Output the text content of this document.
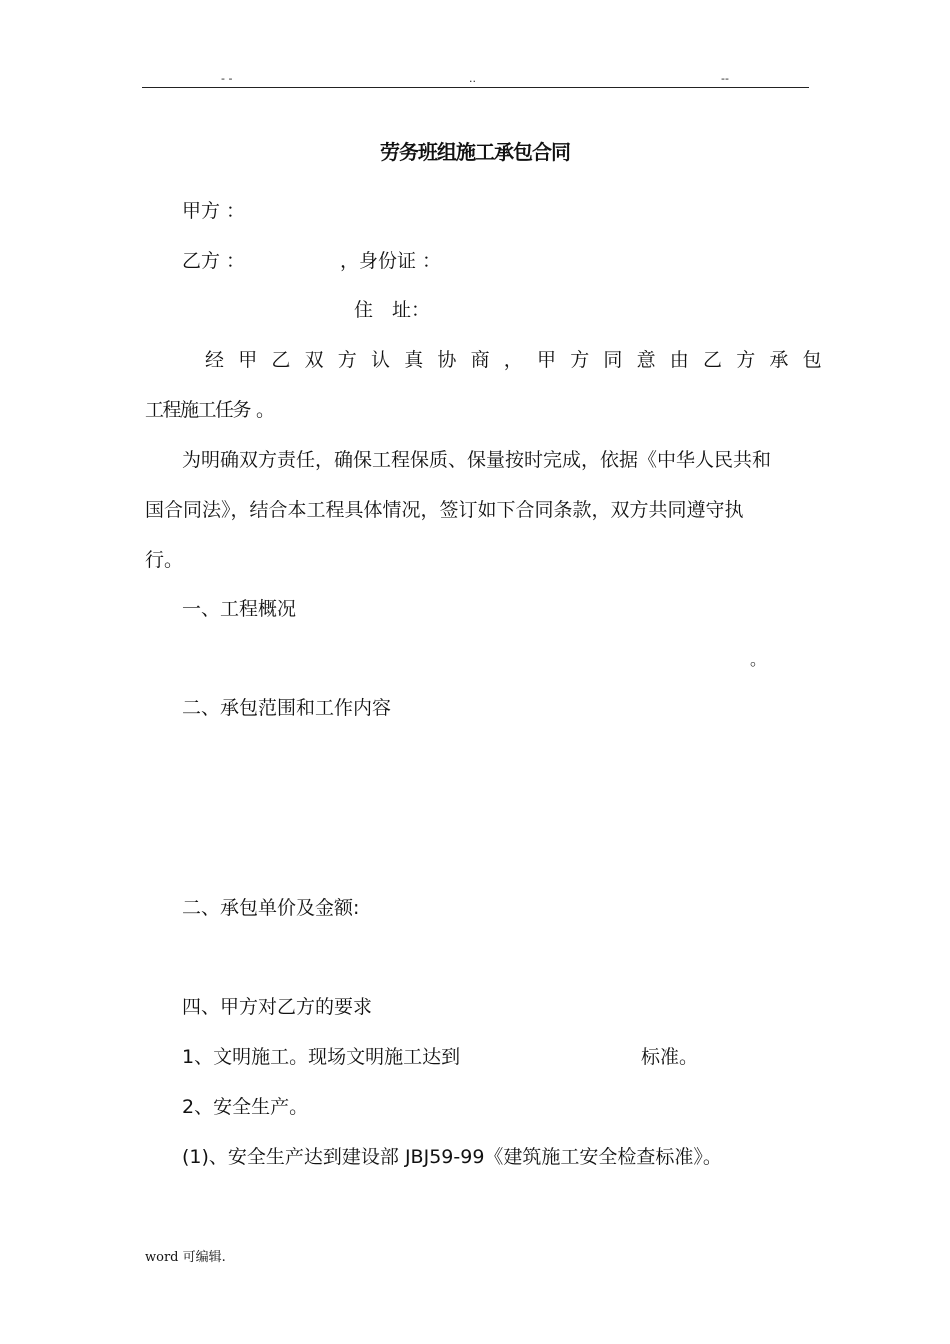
- -	..	--
劳务班组施工承包合同
甲方 ：
乙方 ：	，身份证 ：
住　址：
经甲乙双方认真协商，甲方同意由乙方承包
工程施工任务 。
为明确双方责任，确保工程保质、保量按时完成，依据《中华人民共和
国合同法》，结合本工程具体情况，签订如下合同条款，双方共同遵守执
行。
一、工程概况
。
二、承包范围和工作内容
二、承包单价及金额:
四、甲方对乙方的要求
1、文明施工。现场文明施工达到	标准。
2、安全生产。
(1)、安全生产达到建设部 JBJ59-99《建筑施工安全检查标准》。
word 可编辑.
